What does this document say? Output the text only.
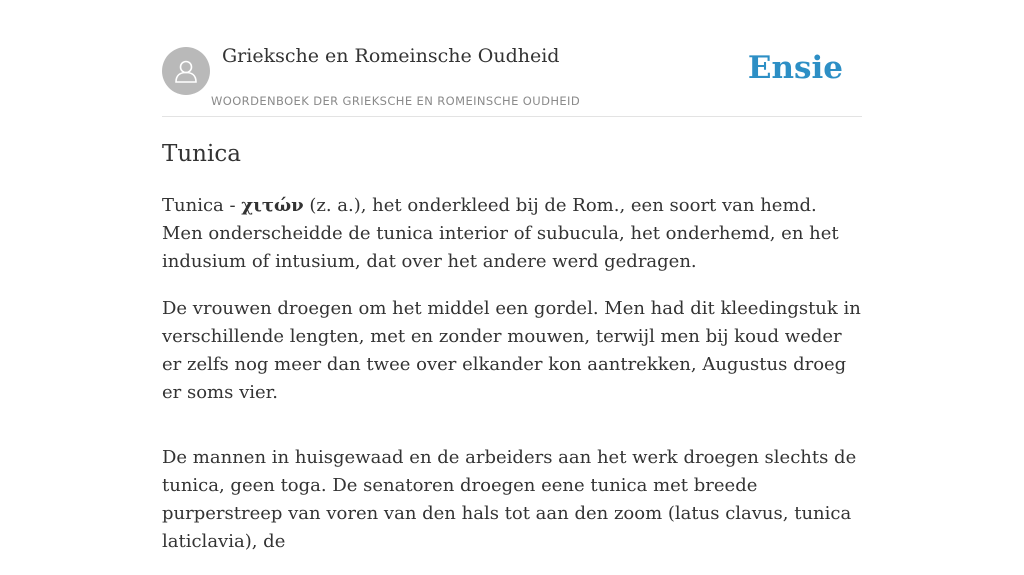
Grieksche en Romeinsche Oudheid
WOORDENBOEK DER GRIEKSCHE EN ROMEINSCHE OUDHEID
Ensie
Tunica

Tunica - χιτών (z. a.), het onderkleed bij de Rom., een soort van hemd. Men onderscheidde de tunica interior of subucula, het onderhemd, en het indusium of intusium, dat over het andere werd gedragen.

De vrouwen droegen om het middel een gordel. Men had dit kleedingstuk in verschillende lengten, met en zonder mouwen, terwijl men bij koud weder er zelfs nog meer dan twee over elkander kon aantrekken, Augustus droeg er soms vier.

De mannen in huisgewaad en de arbeiders aan het werk droegen slechts de tunica, geen toga. De senatoren droegen eene tunica met breede purperstreep van voren van den hals tot aan den zoom (latus clavus, tunica laticlavia), de
